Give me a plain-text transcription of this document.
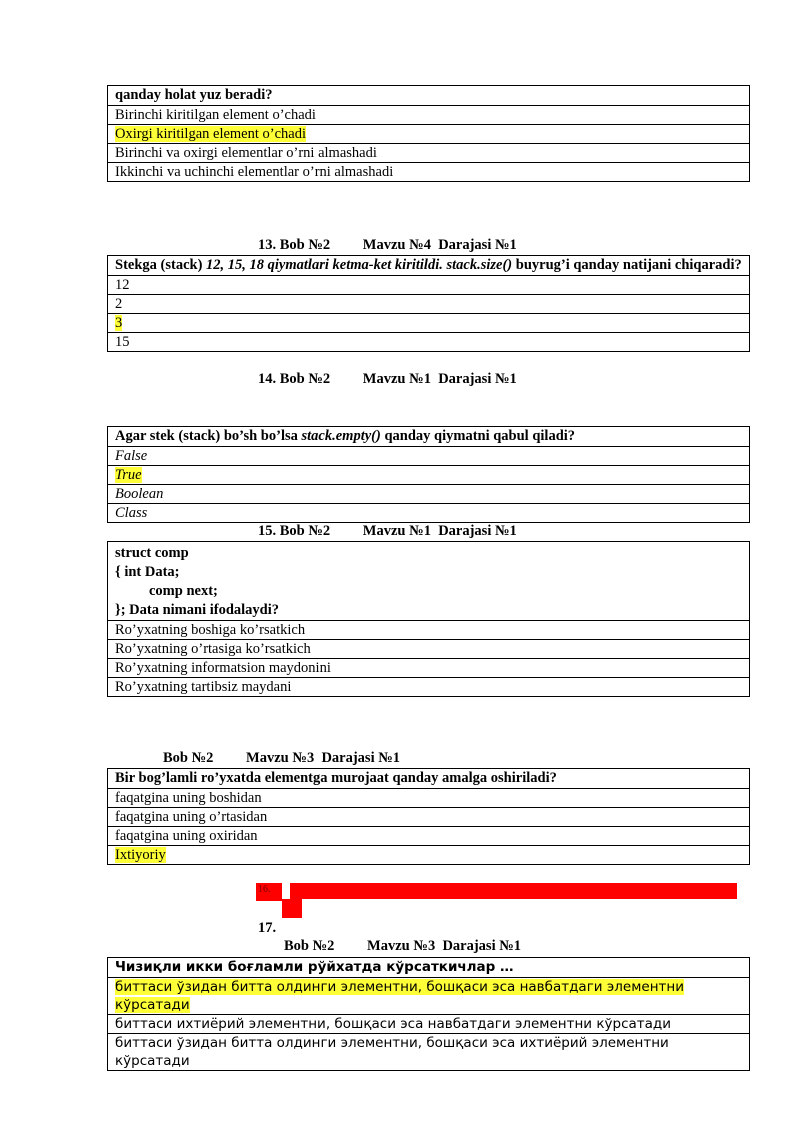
qanday holat yuz beradi?
Birinchi kiritilgan element o’chadi
Oxirgi kiritilgan element o’chadi
Birinchi va oxirgi elementlar o’rni almashadi
Ikkinchi va uchinchi elementlar o’rni almashadi
13. Bob №2         Mavzu №4  Darajasi №1
Stekga (stack) 12, 15, 18 qiymatlari ketma-ket kiritildi. stack.size() buyrug’i qanday natijani chiqaradi?
12
2
3
15
14. Bob №2         Mavzu №1  Darajasi №1
Agar stek (stack) bo’sh bo’lsa stack.empty() qanday qiymatni qabul qiladi?
False
True
Boolean
Class
15. Bob №2         Mavzu №1  Darajasi №1
struct comp
{ int Data;
comp next;
}; Data nimani ifodalaydi?

Ro’yxatning boshiga ko’rsatkich
Ro’yxatning o’rtasiga ko’rsatkich
Ro’yxatning informatsion maydonini
Ro’yxatning tartibsiz maydani
Bob №2         Mavzu №3  Darajasi №1
Bir bog’lamli ro’yxatda elementga murojaat qanday amalga oshiriladi?
faqatgina uning boshidan
faqatgina uning o’rtasidan
faqatgina uning oxiridan
Ixtiyoriy
16.
17.
Bob №2         Mavzu №3  Darajasi №1
Чизиқли икки боғламли рўйхатда кўрсаткичлар …
биттаси ўзидан битта олдинги элементни, бошқаси эса навбатдаги элементни кўрсатади
биттаси ихтиёрий элементни, бошқаси эса навбатдаги элементни кўрсатади
биттаси ўзидан битта олдинги элементни, бошқаси эса ихтиёрий элементни кўрсатади
